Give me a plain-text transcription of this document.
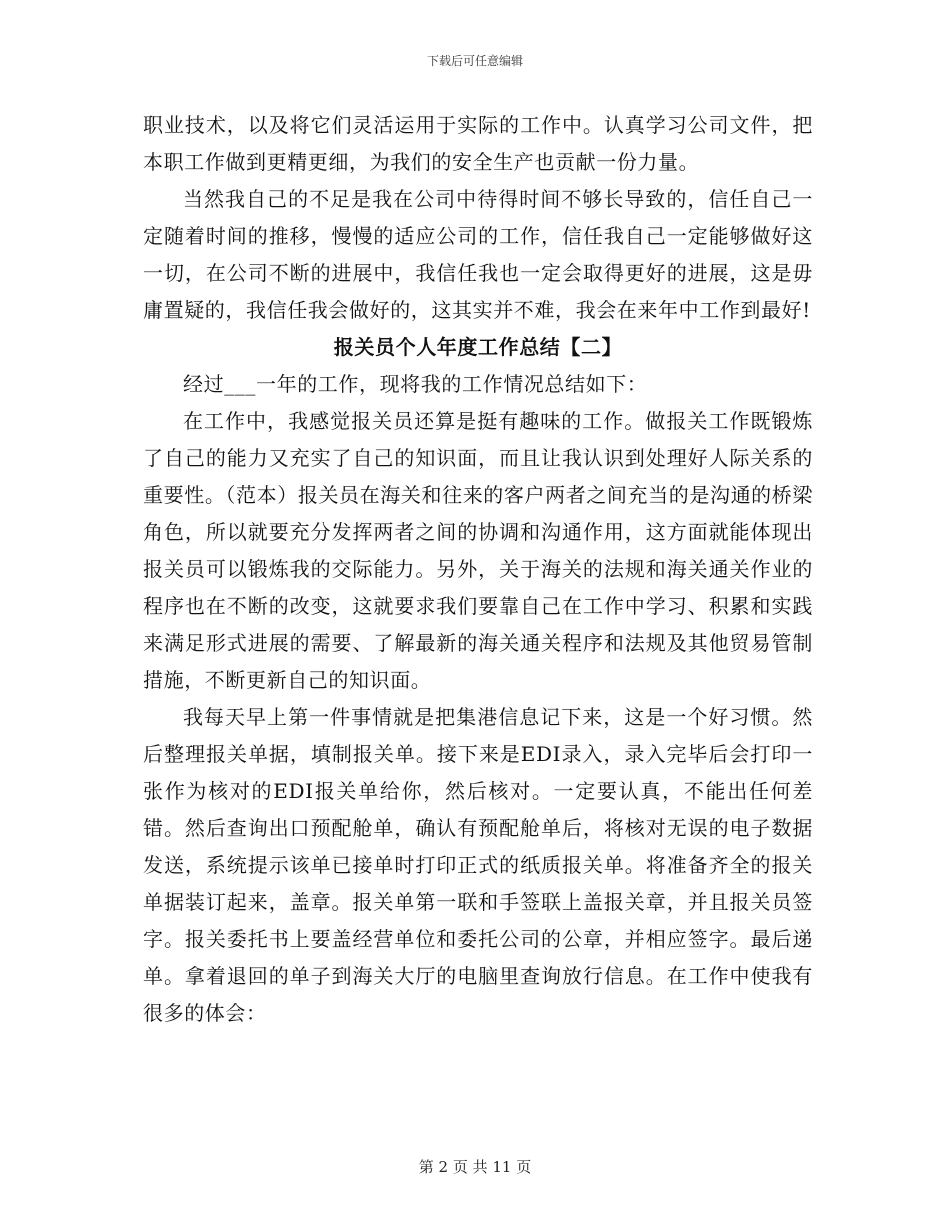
下载后可任意编辑

职业技术，以及将它们灵活运用于实际的工作中。认真学习公司文件，把本职工作做到更精更细，为我们的安全生产也贡献一份力量。

当然我自己的不足是我在公司中待得时间不够长导致的，信任自己一定随着时间的推移，慢慢的适应公司的工作，信任我自己一定能够做好这一切，在公司不断的进展中，我信任我也一定会取得更好的进展，这是毋庸置疑的，我信任我会做好的，这其实并不难，我会在来年中工作到最好!

报关员个人年度工作总结【二】

经过___一年的工作，现将我的工作情况总结如下：

在工作中，我感觉报关员还算是挺有趣味的工作。做报关工作既锻炼了自己的能力又充实了自己的知识面，而且让我认识到处理好人际关系的重要性。（范本）报关员在海关和往来的客户两者之间充当的是沟通的桥梁角色，所以就要充分发挥两者之间的协调和沟通作用，这方面就能体现出报关员可以锻炼我的交际能力。另外，关于海关的法规和海关通关作业的程序也在不断的改变，这就要求我们要靠自己在工作中学习、积累和实践来满足形式进展的需要、了解最新的海关通关程序和法规及其他贸易管制措施，不断更新自己的知识面。

我每天早上第一件事情就是把集港信息记下来，这是一个好习惯。然后整理报关单据，填制报关单。接下来是EDI录入，录入完毕后会打印一张作为核对的EDI报关单给你，然后核对。一定要认真，不能出任何差错。然后查询出口预配舱单，确认有预配舱单后，将核对无误的电子数据发送，系统提示该单已接单时打印正式的纸质报关单。将准备齐全的报关单据装订起来，盖章。报关单第一联和手签联上盖报关章，并且报关员签字。报关委托书上要盖经营单位和委托公司的公章，并相应签字。最后递单。拿着退回的单子到海关大厅的电脑里查询放行信息。在工作中使我有很多的体会：

第 2 页 共 11 页
